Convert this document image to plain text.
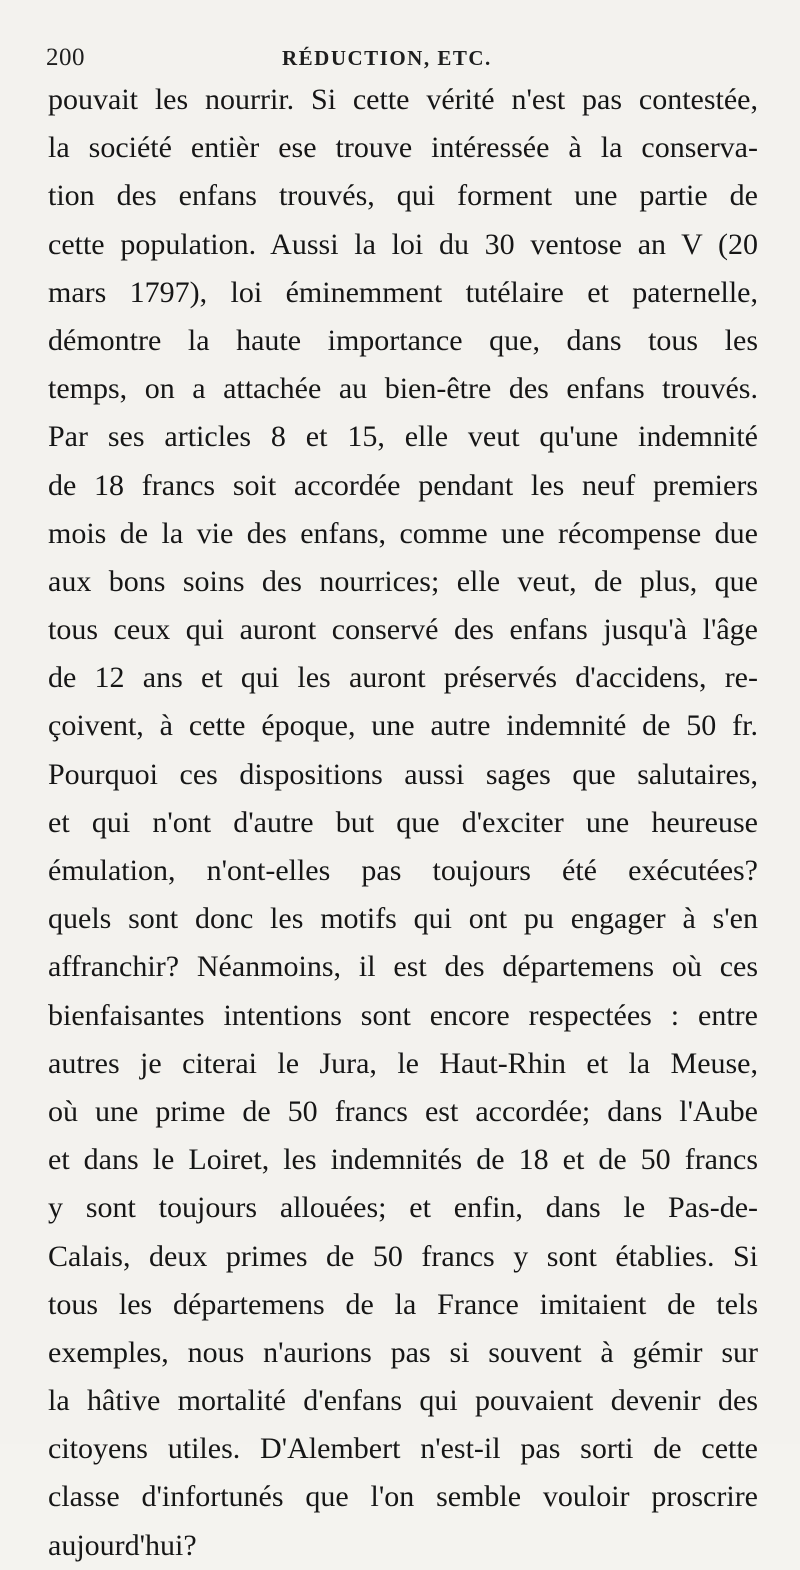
200	RÉDUCTION, ETC.
pouvait les nourrir. Si cette vérité n'est pas contestée,
la société entièr ese trouve intéressée à la conserva-
tion des enfans trouvés, qui forment une partie de
cette population. Aussi la loi du 30 ventose an V (20
mars 1797), loi éminemment tutélaire et paternelle,
démontre la haute importance que, dans tous les
temps, on a attachée au bien-être des enfans trouvés.
Par ses articles 8 et 15, elle veut qu'une indemnité
de 18 francs soit accordée pendant les neuf premiers
mois de la vie des enfans, comme une récompense due
aux bons soins des nourrices; elle veut, de plus, que
tous ceux qui auront conservé des enfans jusqu'à l'âge
de 12 ans et qui les auront préservés d'accidens, re-
çoivent, à cette époque, une autre indemnité de 50 fr.
Pourquoi ces dispositions aussi sages que salutaires,
et qui n'ont d'autre but que d'exciter une heureuse
émulation, n'ont-elles pas toujours été exécutées?
quels sont donc les motifs qui ont pu engager à s'en
affranchir? Néanmoins, il est des départemens où ces
bienfaisantes intentions sont encore respectées : entre
autres je citerai le Jura, le Haut-Rhin et la Meuse,
où une prime de 50 francs est accordée; dans l'Aube
et dans le Loiret, les indemnités de 18 et de 50 francs
y sont toujours allouées; et enfin, dans le Pas-de-
Calais, deux primes de 50 francs y sont établies. Si
tous les départemens de la France imitaient de tels
exemples, nous n'aurions pas si souvent à gémir sur
la hâtive mortalité d'enfans qui pouvaient devenir des
citoyens utiles. D'Alembert n'est-il pas sorti de cette
classe d'infortunés que l'on semble vouloir proscrire
aujourd'hui?
